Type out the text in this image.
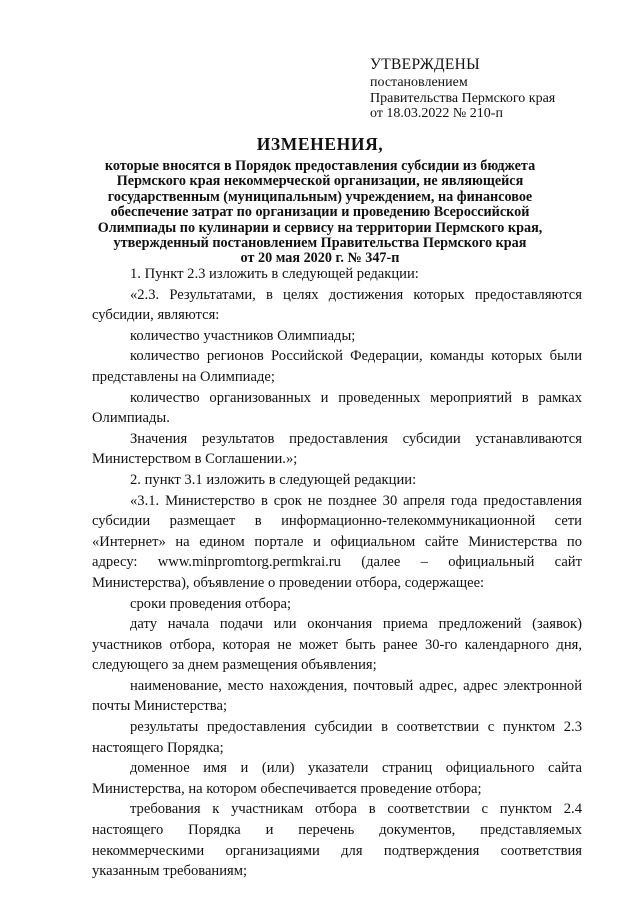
УТВЕРЖДЕНЫ
постановлением
Правительства Пермского края
от 18.03.2022 № 210-п
ИЗМЕНЕНИЯ,
которые вносятся в Порядок предоставления субсидии из бюджета
Пермского края некоммерческой организации, не являющейся
государственным (муниципальным) учреждением, на финансовое
обеспечение затрат по организации и проведению Всероссийской
Олимпиады по кулинарии и сервису на территории Пермского края,
утвержденный постановлением Правительства Пермского края
от 20 мая 2020 г. № 347-п

1. Пункт 2.3 изложить в следующей редакции:

«2.3. Результатами, в целях достижения которых предоставляются субсидии, являются:

количество участников Олимпиады;

количество регионов Российской Федерации, команды которых были представлены на Олимпиаде;

количество организованных и проведенных мероприятий в рамках Олимпиады.

Значения результатов предоставления субсидии устанавливаются Министерством в Соглашении.»;

2. пункт 3.1 изложить в следующей редакции:

«3.1. Министерство в срок не позднее 30 апреля года предоставления субсидии размещает в информационно-телекоммуникационной сети «Интернет» на едином портале и официальном сайте Министерства по адресу: www.minpromtorg.permkrai.ru (далее – официальный сайт Министерства), объявление о проведении отбора, содержащее:

сроки проведения отбора;

дату начала подачи или окончания приема предложений (заявок) участников отбора, которая не может быть ранее 30-го календарного дня, следующего за днем размещения объявления;

наименование, место нахождения, почтовый адрес, адрес электронной почты Министерства;

результаты предоставления субсидии в соответствии с пунктом 2.3 настоящего Порядка;

доменное имя и (или) указатели страниц официального сайта Министерства, на котором обеспечивается проведение отбора;

требования к участникам отбора в соответствии с пунктом 2.4 настоящего Порядка и перечень документов, представляемых некоммерческими организациями для подтверждения соответствия указанным требованиям;
